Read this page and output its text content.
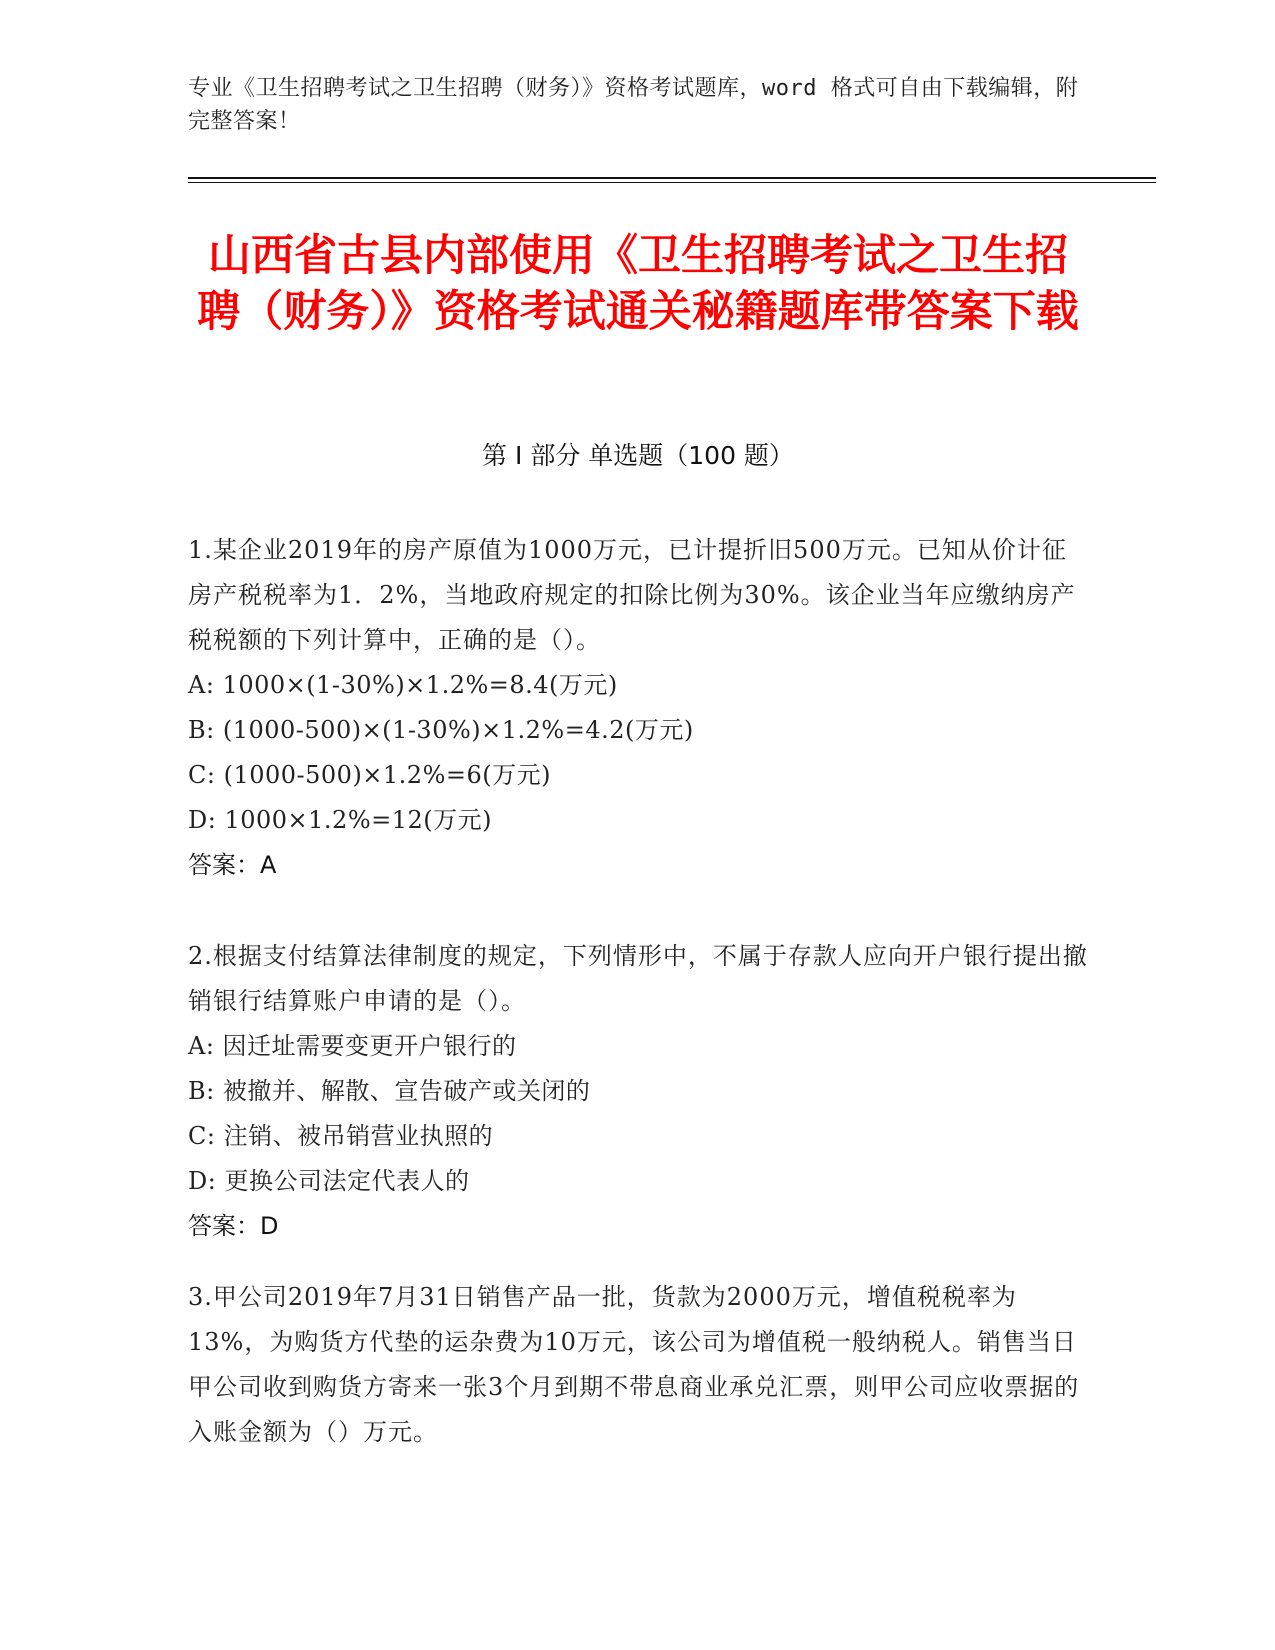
专业《卫生招聘考试之卫生招聘（财务）》资格考试题库，word 格式可自由下载编辑，附完整答案！
山西省古县内部使用《卫生招聘考试之卫生招聘（财务）》资格考试通关秘籍题库带答案下载
第 I 部分 单选题（100 题）
1.某企业2019年的房产原值为1000万元，已计提折旧500万元。已知从价计征房产税税率为1．2%，当地政府规定的扣除比例为30%。该企业当年应缴纳房产税税额的下列计算中，正确的是（）。
A: 1000×(1-30%)×1.2%=8.4(万元)
B: (1000-500)×(1-30%)×1.2%=4.2(万元)
C: (1000-500)×1.2%=6(万元)
D: 1000×1.2%=12(万元)
答案：A
2.根据支付结算法律制度的规定，下列情形中，不属于存款人应向开户银行提出撤销银行结算账户申请的是（）。
A: 因迁址需要变更开户银行的
B: 被撤并、解散、宣告破产或关闭的
C: 注销、被吊销营业执照的
D: 更换公司法定代表人的
答案：D
3.甲公司2019年7月31日销售产品一批，货款为2000万元，增值税税率为13%，为购货方代垫的运杂费为10万元，该公司为增值税一般纳税人。销售当日甲公司收到购货方寄来一张3个月到期不带息商业承兑汇票，则甲公司应收票据的入账金额为（）万元。
